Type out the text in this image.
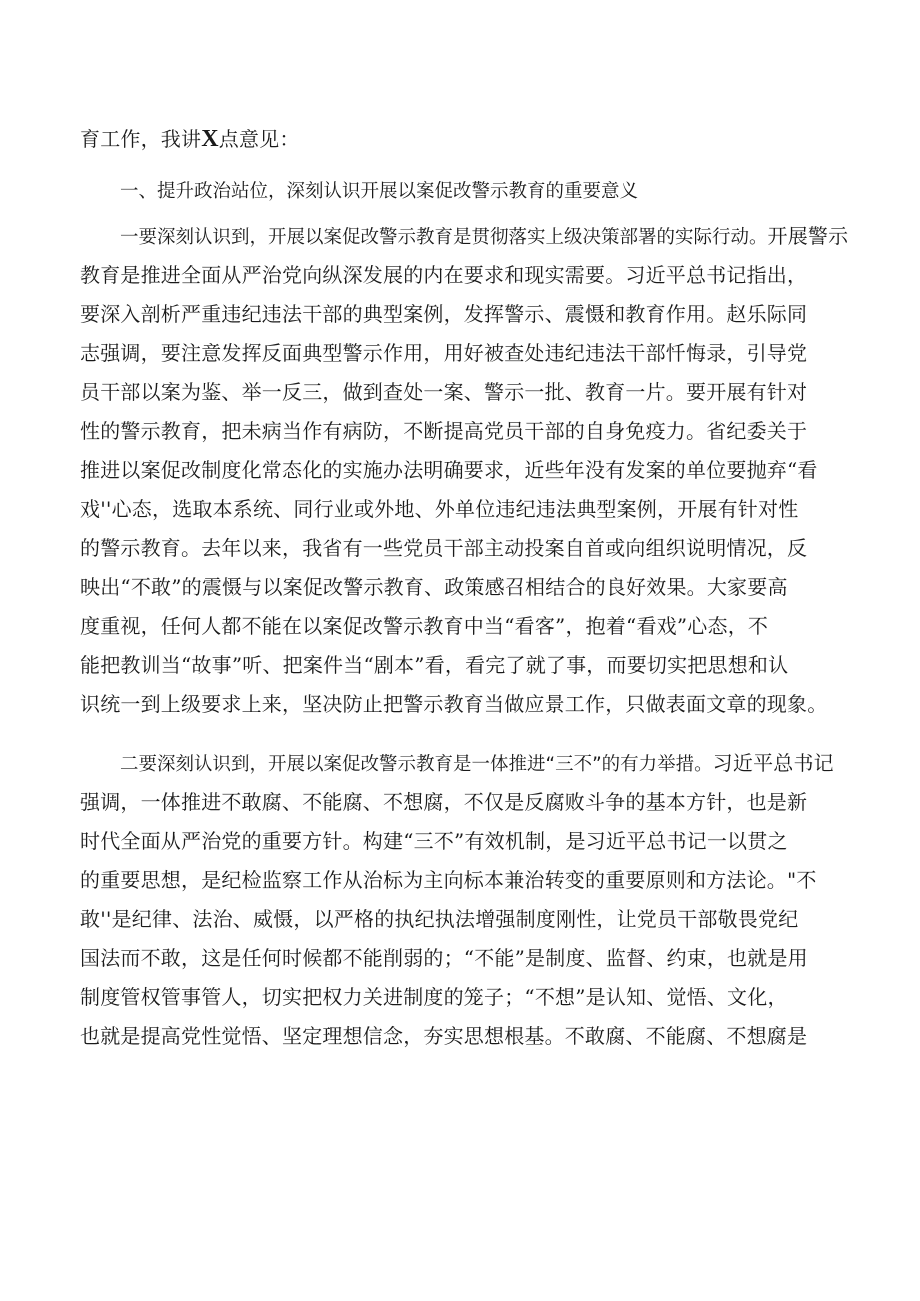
育工作，我讲X点意见：
一、提升政治站位，深刻认识开展以案促改警示教育的重要意义
一要深刻认识到，开展以案促改警示教育是贯彻落实上级决策部署的实际行动。开展警示
教育是推进全面从严治党向纵深发展的内在要求和现实需要。习近平总书记指出，
要深入剖析严重违纪违法干部的典型案例，发挥警示、震慑和教育作用。赵乐际同
志强调，要注意发挥反面典型警示作用，用好被查处违纪违法干部忏悔录，引导党
员干部以案为鉴、举一反三，做到查处一案、警示一批、教育一片。要开展有针对
性的警示教育，把未病当作有病防，不断提高党员干部的自身免疫力。省纪委关于
推进以案促改制度化常态化的实施办法明确要求，近些年没有发案的单位要抛弃“看
戏''心态，选取本系统、同行业或外地、外单位违纪违法典型案例，开展有针对性
的警示教育。去年以来，我省有一些党员干部主动投案自首或向组织说明情况，反
映出“不敢”的震慑与以案促改警示教育、政策感召相结合的良好效果。大家要高
度重视，任何人都不能在以案促改警示教育中当“看客”，抱着“看戏”心态，不
能把教训当“故事”听、把案件当“剧本”看，看完了就了事，而要切实把思想和认
识统一到上级要求上来，坚决防止把警示教育当做应景工作，只做表面文章的现象。
二要深刻认识到，开展以案促改警示教育是一体推进“三不”的有力举措。习近平总书记
强调，一体推进不敢腐、不能腐、不想腐，不仅是反腐败斗争的基本方针，也是新
时代全面从严治党的重要方针。构建“三不”有效机制，是习近平总书记一以贯之
的重要思想，是纪检监察工作从治标为主向标本兼治转变的重要原则和方法论。"不
敢''是纪律、法治、威慑，以严格的执纪执法增强制度刚性，让党员干部敬畏党纪
国法而不敢，这是任何时候都不能削弱的；“不能”是制度、监督、约束，也就是用
制度管权管事管人，切实把权力关进制度的笼子；“不想”是认知、觉悟、文化，
也就是提高党性觉悟、坚定理想信念，夯实思想根基。不敢腐、不能腐、不想腐是
